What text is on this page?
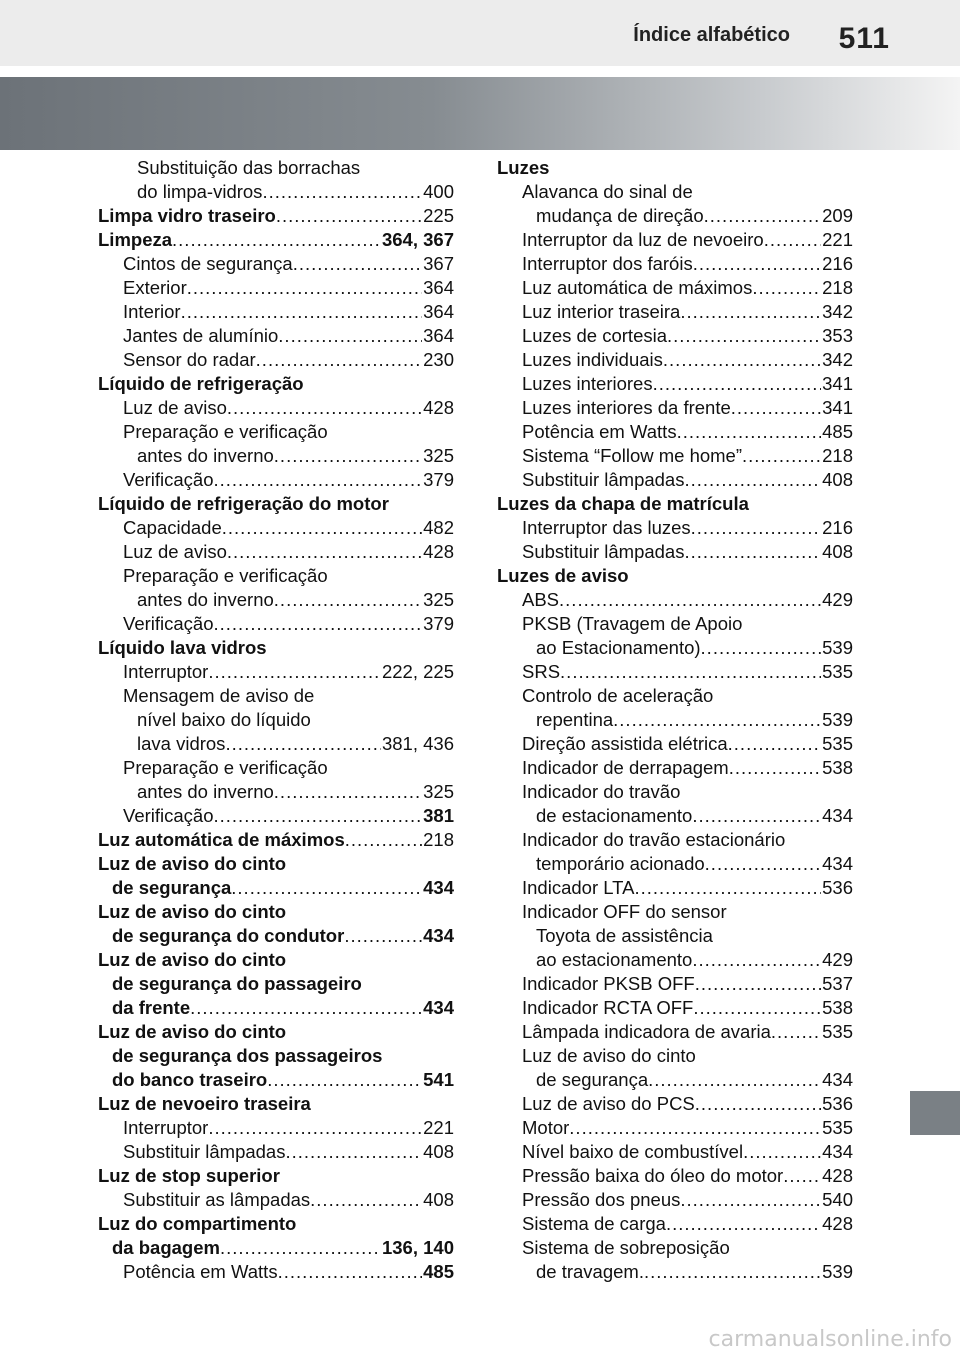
Índice alfabético 511
Substituição das borrachas
do limpa-vidros .....	400
Limpa vidro traseiro .....	225
Limpeza .....	364, 367
Cintos de segurança .....	367
Exterior .....	364
Interior .....	364
Jantes de alumínio .....	364
Sensor do radar .....	230
Líquido de refrigeração
Luz de aviso .....	428
Preparação e verificação
antes do inverno .....	325
Verificação .....	379
Líquido de refrigeração do motor
Capacidade .....	482
Luz de aviso .....	428
Preparação e verificação
antes do inverno .....	325
Verificação .....	379
Líquido lava vidros
Interruptor .....	222, 225
Mensagem de aviso de
nível baixo do líquido
lava vidros .....	381, 436
Preparação e verificação
antes do inverno .....	325
Verificação .....	381
Luz automática de máximos .....	218
Luz de aviso do cinto
de segurança .....	434
Luz de aviso do cinto
de segurança do condutor .....	434
Luz de aviso do cinto
de segurança do passageiro
da frente .....	434
Luz de aviso do cinto
de segurança dos passageiros
do banco traseiro .....	541
Luz de nevoeiro traseira
Interruptor .....	221
Substituir lâmpadas .....	408
Luz de stop superior
Substituir as lâmpadas .....	408
Luz do compartimento
da bagagem .....	136, 140
Potência em Watts .....	485
Luzes
Alavanca do sinal de
mudança de direção .....	209
Interruptor da luz de nevoeiro .....	221
Interruptor dos faróis .....	216
Luz automática de máximos .....	218
Luz interior traseira .....	342
Luzes de cortesia .....	353
Luzes individuais .....	342
Luzes interiores .....	341
Luzes interiores da frente .....	341
Potência em Watts .....	485
Sistema “Follow me home” .....	218
Substituir lâmpadas .....	408
Luzes da chapa de matrícula
Interruptor das luzes .....	216
Substituir lâmpadas .....	408
Luzes de aviso
ABS .....	429
PKSB (Travagem de Apoio
ao Estacionamento) .....	539
SRS .....	535
Controlo de aceleração
repentina .....	539
Direção assistida elétrica .....	535
Indicador de derrapagem .....	538
Indicador do travão
de estacionamento .....	434
Indicador do travão estacionário
temporário acionado .....	434
Indicador LTA .....	536
Indicador OFF do sensor
Toyota de assistência
ao estacionamento .....	429
Indicador PKSB OFF .....	537
Indicador RCTA OFF .....	538
Lâmpada indicadora de avaria .....	535
Luz de aviso do cinto
de segurança .....	434
Luz de aviso do PCS .....	536
Motor .....	535
Nível baixo de combustível .....	434
Pressão baixa do óleo do motor ..... 428
Pressão dos pneus .....	540
Sistema de carga .....	428
Sistema de sobreposição
de travagem. .....	539
carmanualsonline.info
